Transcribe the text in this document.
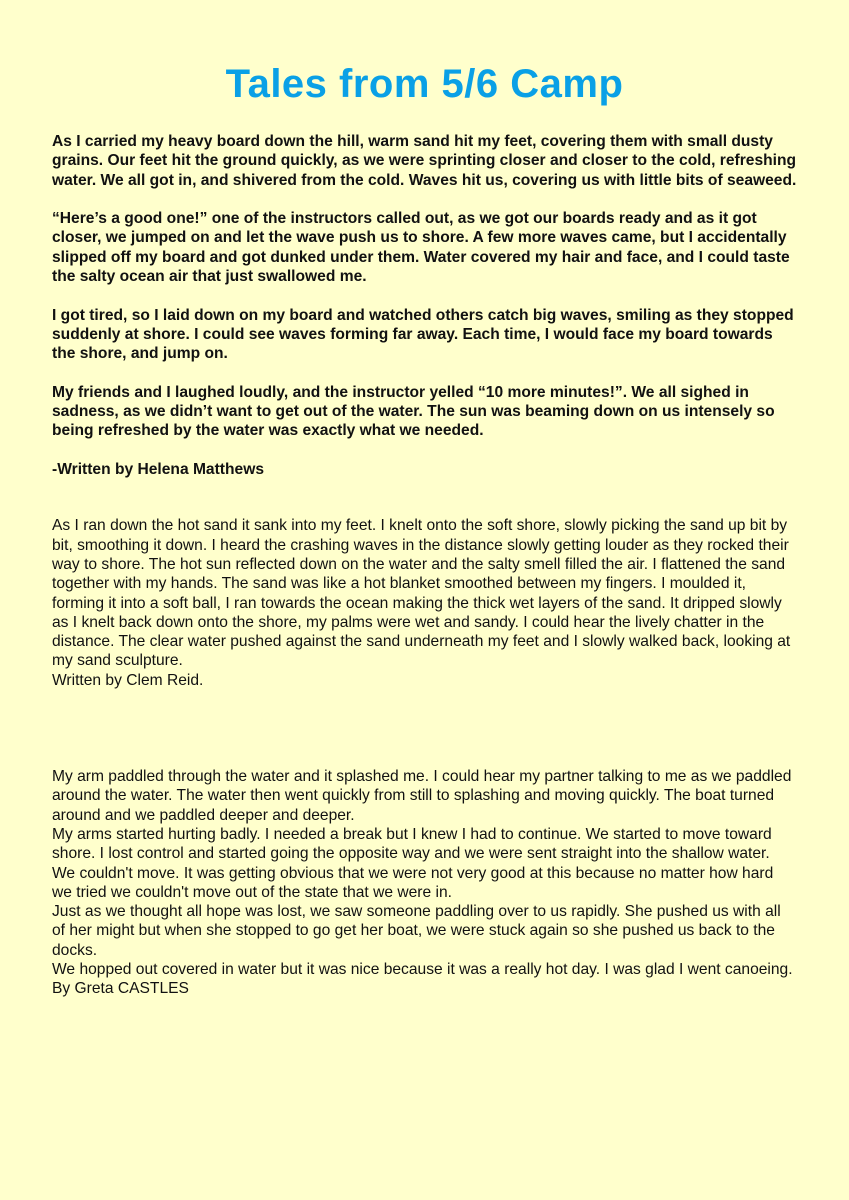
Tales from 5/6 Camp

As I carried my heavy board down the hill, warm sand hit my feet, covering them with small dusty grains. Our feet hit the ground quickly, as we were sprinting closer and closer to the cold, refreshing water. We all got in, and shivered from the cold. Waves hit us, covering us with little bits of seaweed.

“Here’s a good one!” one of the instructors called out, as we got our boards ready and as it got closer, we jumped on and let the wave push us to shore. A few more waves came, but I accidentally slipped off my board and got dunked under them. Water covered my hair and face, and I could taste the salty ocean air that just swallowed me.

I got tired, so I laid down on my board and watched others catch big waves, smiling as they stopped suddenly at shore. I could see waves forming far away. Each time, I would face my board towards the shore, and jump on.

My friends and I laughed loudly, and the instructor yelled “10 more minutes!”. We all sighed in sadness, as we didn’t want to get out of the water. The sun was beaming down on us intensely so being refreshed by the water was exactly what we needed.

-Written by Helena Matthews

As I ran down the hot sand it sank into my feet. I knelt onto the soft shore, slowly picking the sand up bit by bit, smoothing it down. I heard the crashing waves in the distance slowly getting louder as they rocked their way to shore. The hot sun reflected down on the water and the salty smell filled the air. I flattened the sand together with my hands. The sand was like a hot blanket smoothed between my fingers. I moulded it, forming it into a soft ball, I ran towards the ocean making the thick wet layers of the sand. It dripped slowly as I knelt back down onto the shore, my palms were wet and sandy. I could hear the lively chatter in the distance. The clear water pushed against the sand underneath my feet and I slowly walked back, looking at my sand sculpture.

Written by Clem Reid.

My arm paddled through the water and it splashed me. I could hear my partner talking to me as we paddled around the water. The water then went quickly from still to splashing and moving quickly. The boat turned around and we paddled deeper and deeper.

My arms started hurting badly. I needed a break but I knew I had to continue. We started to move toward shore. I lost control and started going the opposite way and we were sent straight into the shallow water. We couldn't move. It was getting obvious that we were not very good at this because no matter how hard we tried we couldn't move out of the state that we were in.

Just as we thought all hope was lost, we saw someone paddling over to us rapidly. She pushed us with all of her might but when she stopped to go get her boat, we were stuck again so she pushed us back to the docks.

We hopped out covered in water but it was nice because it was a really hot day. I was glad I went canoeing.

By Greta CASTLES
